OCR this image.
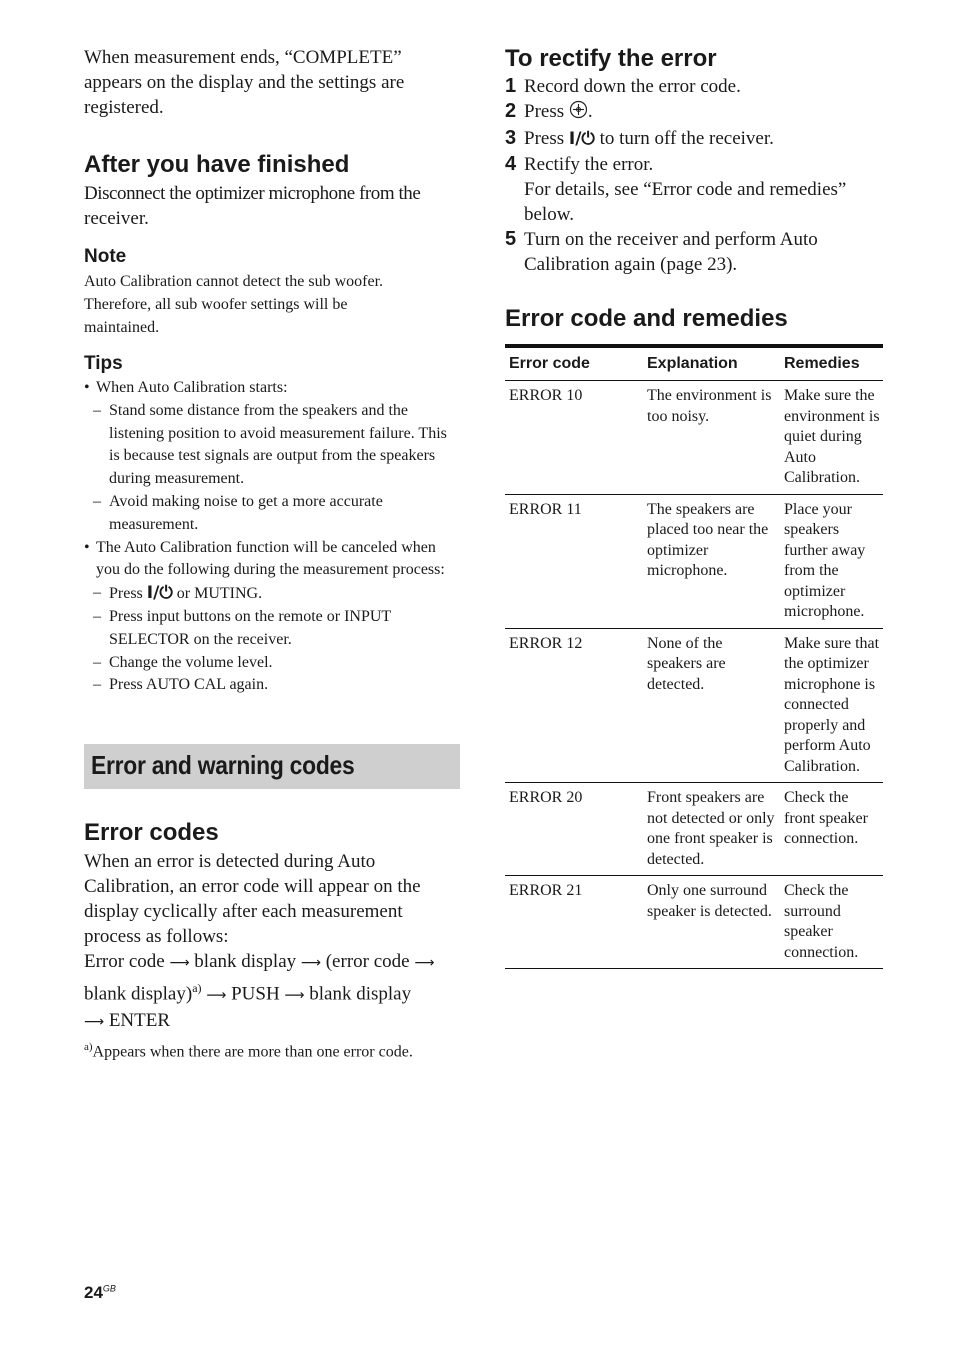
When measurement ends, “COMPLETE”
appears on the display and the settings are
registered.
After you have finished
Disconnect the optimizer microphone from the
receiver.
Note
Auto Calibration cannot detect the sub woofer.
Therefore, all sub woofer settings will be
maintained.
Tips
• When Auto Calibration starts:
– Stand some distance from the speakers and the listening position to avoid measurement failure. This is because test signals are output from the speakers during measurement.
– Avoid making noise to get a more accurate measurement.
• The Auto Calibration function will be canceled when you do the following during the measurement process:
– Press I/⏻ or MUTING.
– Press input buttons on the remote or INPUT SELECTOR on the receiver.
– Change the volume level.
– Press AUTO CAL again.
Error and warning codes
Error codes
When an error is detected during Auto Calibration, an error code will appear on the display cyclically after each measurement process as follows:
Error code ⟶ blank display ⟶ (error code ⟶
blank display)$^{a)}$ ⟶ PUSH ⟶ blank display
⟶ ENTER
$^{a)}$Appears when there are more than one error code.
To rectify the error
1 Record down the error code.
2 Press .
3 Press I/⏻ to turn off the receiver.
4 Rectify the error.
For details, see “Error code and remedies” below.
5 Turn on the receiver and perform Auto Calibration again (page 23).
Error code and remedies
Error code	Explanation	Remedies
ERROR 10	The environment is too noisy.	Make sure the environment is quiet during Auto Calibration.
ERROR 11	The speakers are placed too near the optimizer microphone.	Place your speakers further away from the optimizer microphone.
ERROR 12	None of the speakers are detected.	Make sure that the optimizer microphone is connected properly and perform Auto Calibration.
ERROR 20	Front speakers are not detected or only one front speaker is detected.	Check the front speaker connection.
ERROR 21	Only one surround speaker is detected.	Check the surround speaker connection.
$24^{GB}$
